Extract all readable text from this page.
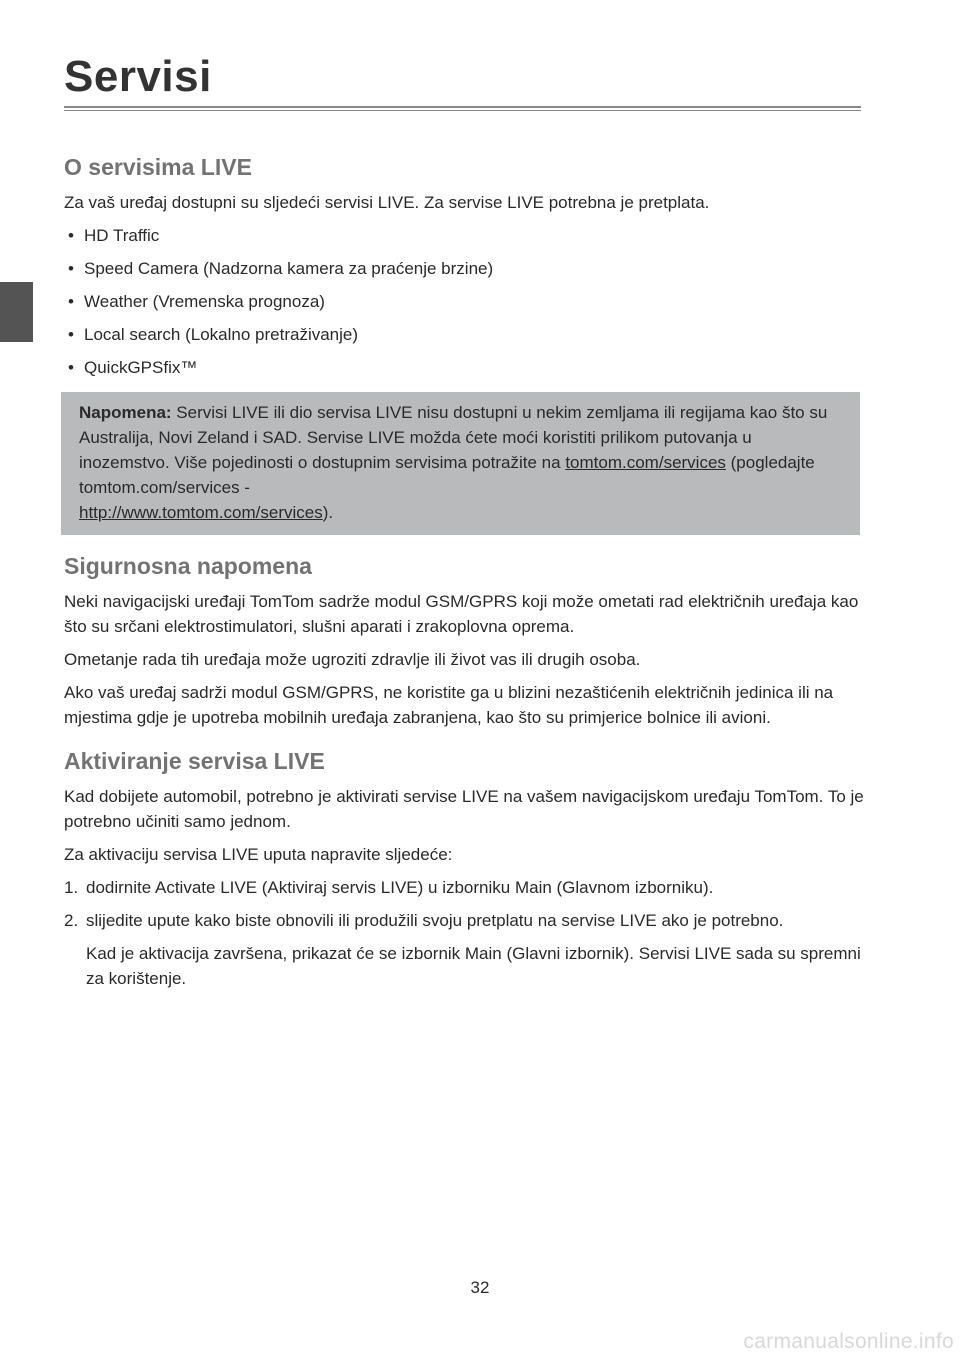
Servisi
O servisima LIVE

Za vaš uređaj dostupni su sljedeći servisi LIVE. Za servise LIVE potrebna je pretplata.

• HD Traffic
• Speed Camera (Nadzorna kamera za praćenje brzine)
• Weather (Vremenska prognoza)
• Local search (Lokalno pretraživanje)
• QuickGPSfix™
Napomena: Servisi LIVE ili dio servisa LIVE nisu dostupni u nekim zemljama ili regijama kao što su Australija, Novi Zeland i SAD. Servise LIVE možda ćete moći koristiti prilikom putovanja u inozemstvo. Više pojedinosti o dostupnim servisima potražite na tomtom.com/services (pogledajte tomtom.com/services -
http://www.tomtom.com/services).
Sigurnosna napomena

Neki navigacijski uređaji TomTom sadrže modul GSM/GPRS koji može ometati rad električnih uređaja kao što su srčani elektrostimulatori, slušni aparati i zrakoplovna oprema.

Ometanje rada tih uređaja može ugroziti zdravlje ili život vas ili drugih osoba.

Ako vaš uređaj sadrži modul GSM/GPRS, ne koristite ga u blizini nezaštićenih električnih jedinica ili na mjestima gdje je upotreba mobilnih uređaja zabranjena, kao što su primjerice bolnice ili avioni.

Aktiviranje servisa LIVE

Kad dobijete automobil, potrebno je aktivirati servise LIVE na vašem navigacijskom uređaju TomTom. To je potrebno učiniti samo jednom.

Za aktivaciju servisa LIVE uputa napravite sljedeće:

1. dodirnite Activate LIVE (Aktiviraj servis LIVE) u izborniku Main (Glavnom izborniku).
2. slijedite upute kako biste obnovili ili produžili svoju pretplatu na servise LIVE ako je potrebno.

Kad je aktivacija završena, prikazat će se izbornik Main (Glavni izbornik). Servisi LIVE sada su spremni za korištenje.

32
carmanualsonline.info
